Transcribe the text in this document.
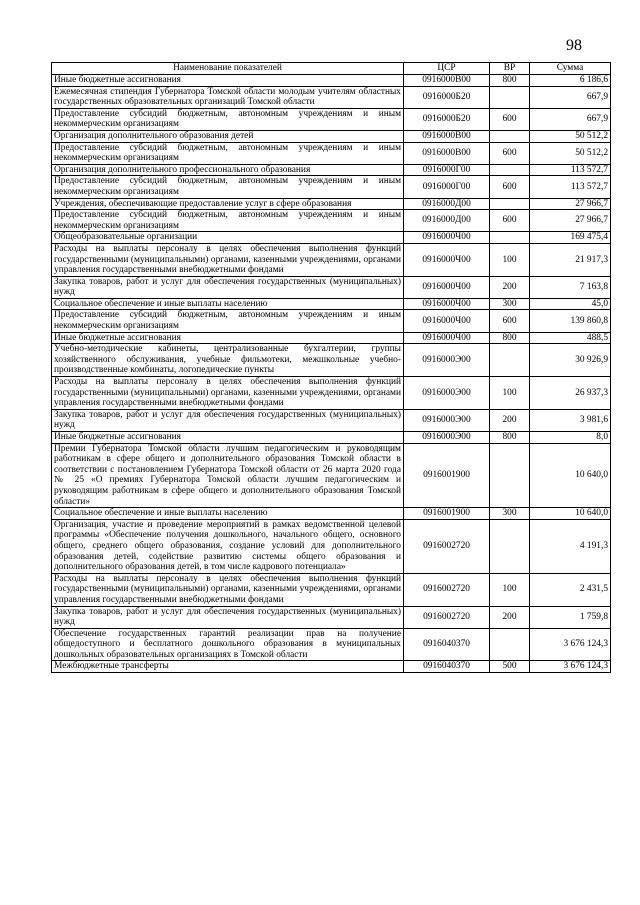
98
Наименование показателей	ЦСР	ВР	Сумма
Иные бюджетные ассигнования	0916000В00	800	6 186,6
Ежемесячная стипендия Губернатора Томской области молодым учителям областных государственных образовательных организаций Томской области	0916000Б20		667,9
Предоставление субсидий бюджетным, автономным учреждениям и иным некоммерческим организациям	0916000Б20	600	667,9
Организация дополнительного образования детей	0916000В00		50 512,2
Предоставление субсидий бюджетным, автономным учреждениям и иным некоммерческим организациям	0916000В00	600	50 512,2
Организация дополнительного профессионального образования	0916000Г00		113 572,7
Предоставление субсидий бюджетным, автономным учреждениям и иным некоммерческим организациям	0916000Г00	600	113 572,7
Учреждения, обеспечивающие предоставление услуг в сфере образования	0916000Д00		27 966,7
Предоставление субсидий бюджетным, автономным учреждениям и иным некоммерческим организациям	0916000Д00	600	27 966,7
Общеобразовательные организации	0916000Ч00		169 475,4
Расходы на выплаты персоналу в целях обеспечения выполнения функций государственными (муниципальными) органами, казенными учреждениями, органами управления государственными внебюджетными фондами	0916000Ч00	100	21 917,3
Закупка товаров, работ и услуг для обеспечения государственных (муниципальных) нужд	0916000Ч00	200	7 163,8
Социальное обеспечение и иные выплаты населению	0916000Ч00	300	45,0
Предоставление субсидий бюджетным, автономным учреждениям и иным некоммерческим организациям	0916000Ч00	600	139 860,8
Иные бюджетные ассигнования	0916000Ч00	800	488,5
Учебно-методические кабинеты, централизованные бухгалтерии, группы хозяйственного обслуживания, учебные фильмотеки, межшкольные учебно-производственные комбинаты, логопедические пункты	0916000Э00		30 926,9
Расходы на выплаты персоналу в целях обеспечения выполнения функций государственными (муниципальными) органами, казенными учреждениями, органами управления государственными внебюджетными фондами	0916000Э00	100	26 937,3
Закупка товаров, работ и услуг для обеспечения государственных (муниципальных) нужд	0916000Э00	200	3 981,6
Иные бюджетные ассигнования	0916000Э00	800	8,0
Премии Губернатора Томской области лучшим педагогическим и руководящим работникам в сфере общего и дополнительного образования Томской области в соответствии с постановлением Губернатора Томской области от 26 марта 2020 года № 25 «О премиях Губернатора Томской области лучшим педагогическим и руководящим работникам в сфере общего и дополнительного образования Томской области»	0916001900		10 640,0
Социальное обеспечение и иные выплаты населению	0916001900	300	10 640,0
Организация, участие и проведение мероприятий в рамках ведомственной целевой программы «Обеспечение получения дошкольного, начального общего, основного общего, среднего общего образования, создание условий для дополнительного образования детей, содействие развитию системы общего образования и дополнительного образования детей, в том числе кадрового потенциала»	0916002720		4 191,3
Расходы на выплаты персоналу в целях обеспечения выполнения функций государственными (муниципальными) органами, казенными учреждениями, органами управления государственными внебюджетными фондами	0916002720	100	2 431,5
Закупка товаров, работ и услуг для обеспечения государственных (муниципальных) нужд	0916002720	200	1 759,8
Обеспечение государственных гарантий реализации прав на получение общедоступного и бесплатного дошкольного образования в муниципальных дошкольных образовательных организациях в Томской области	0916040370		3 676 124,3
Межбюджетные трансферты	0916040370	500	3 676 124,3
